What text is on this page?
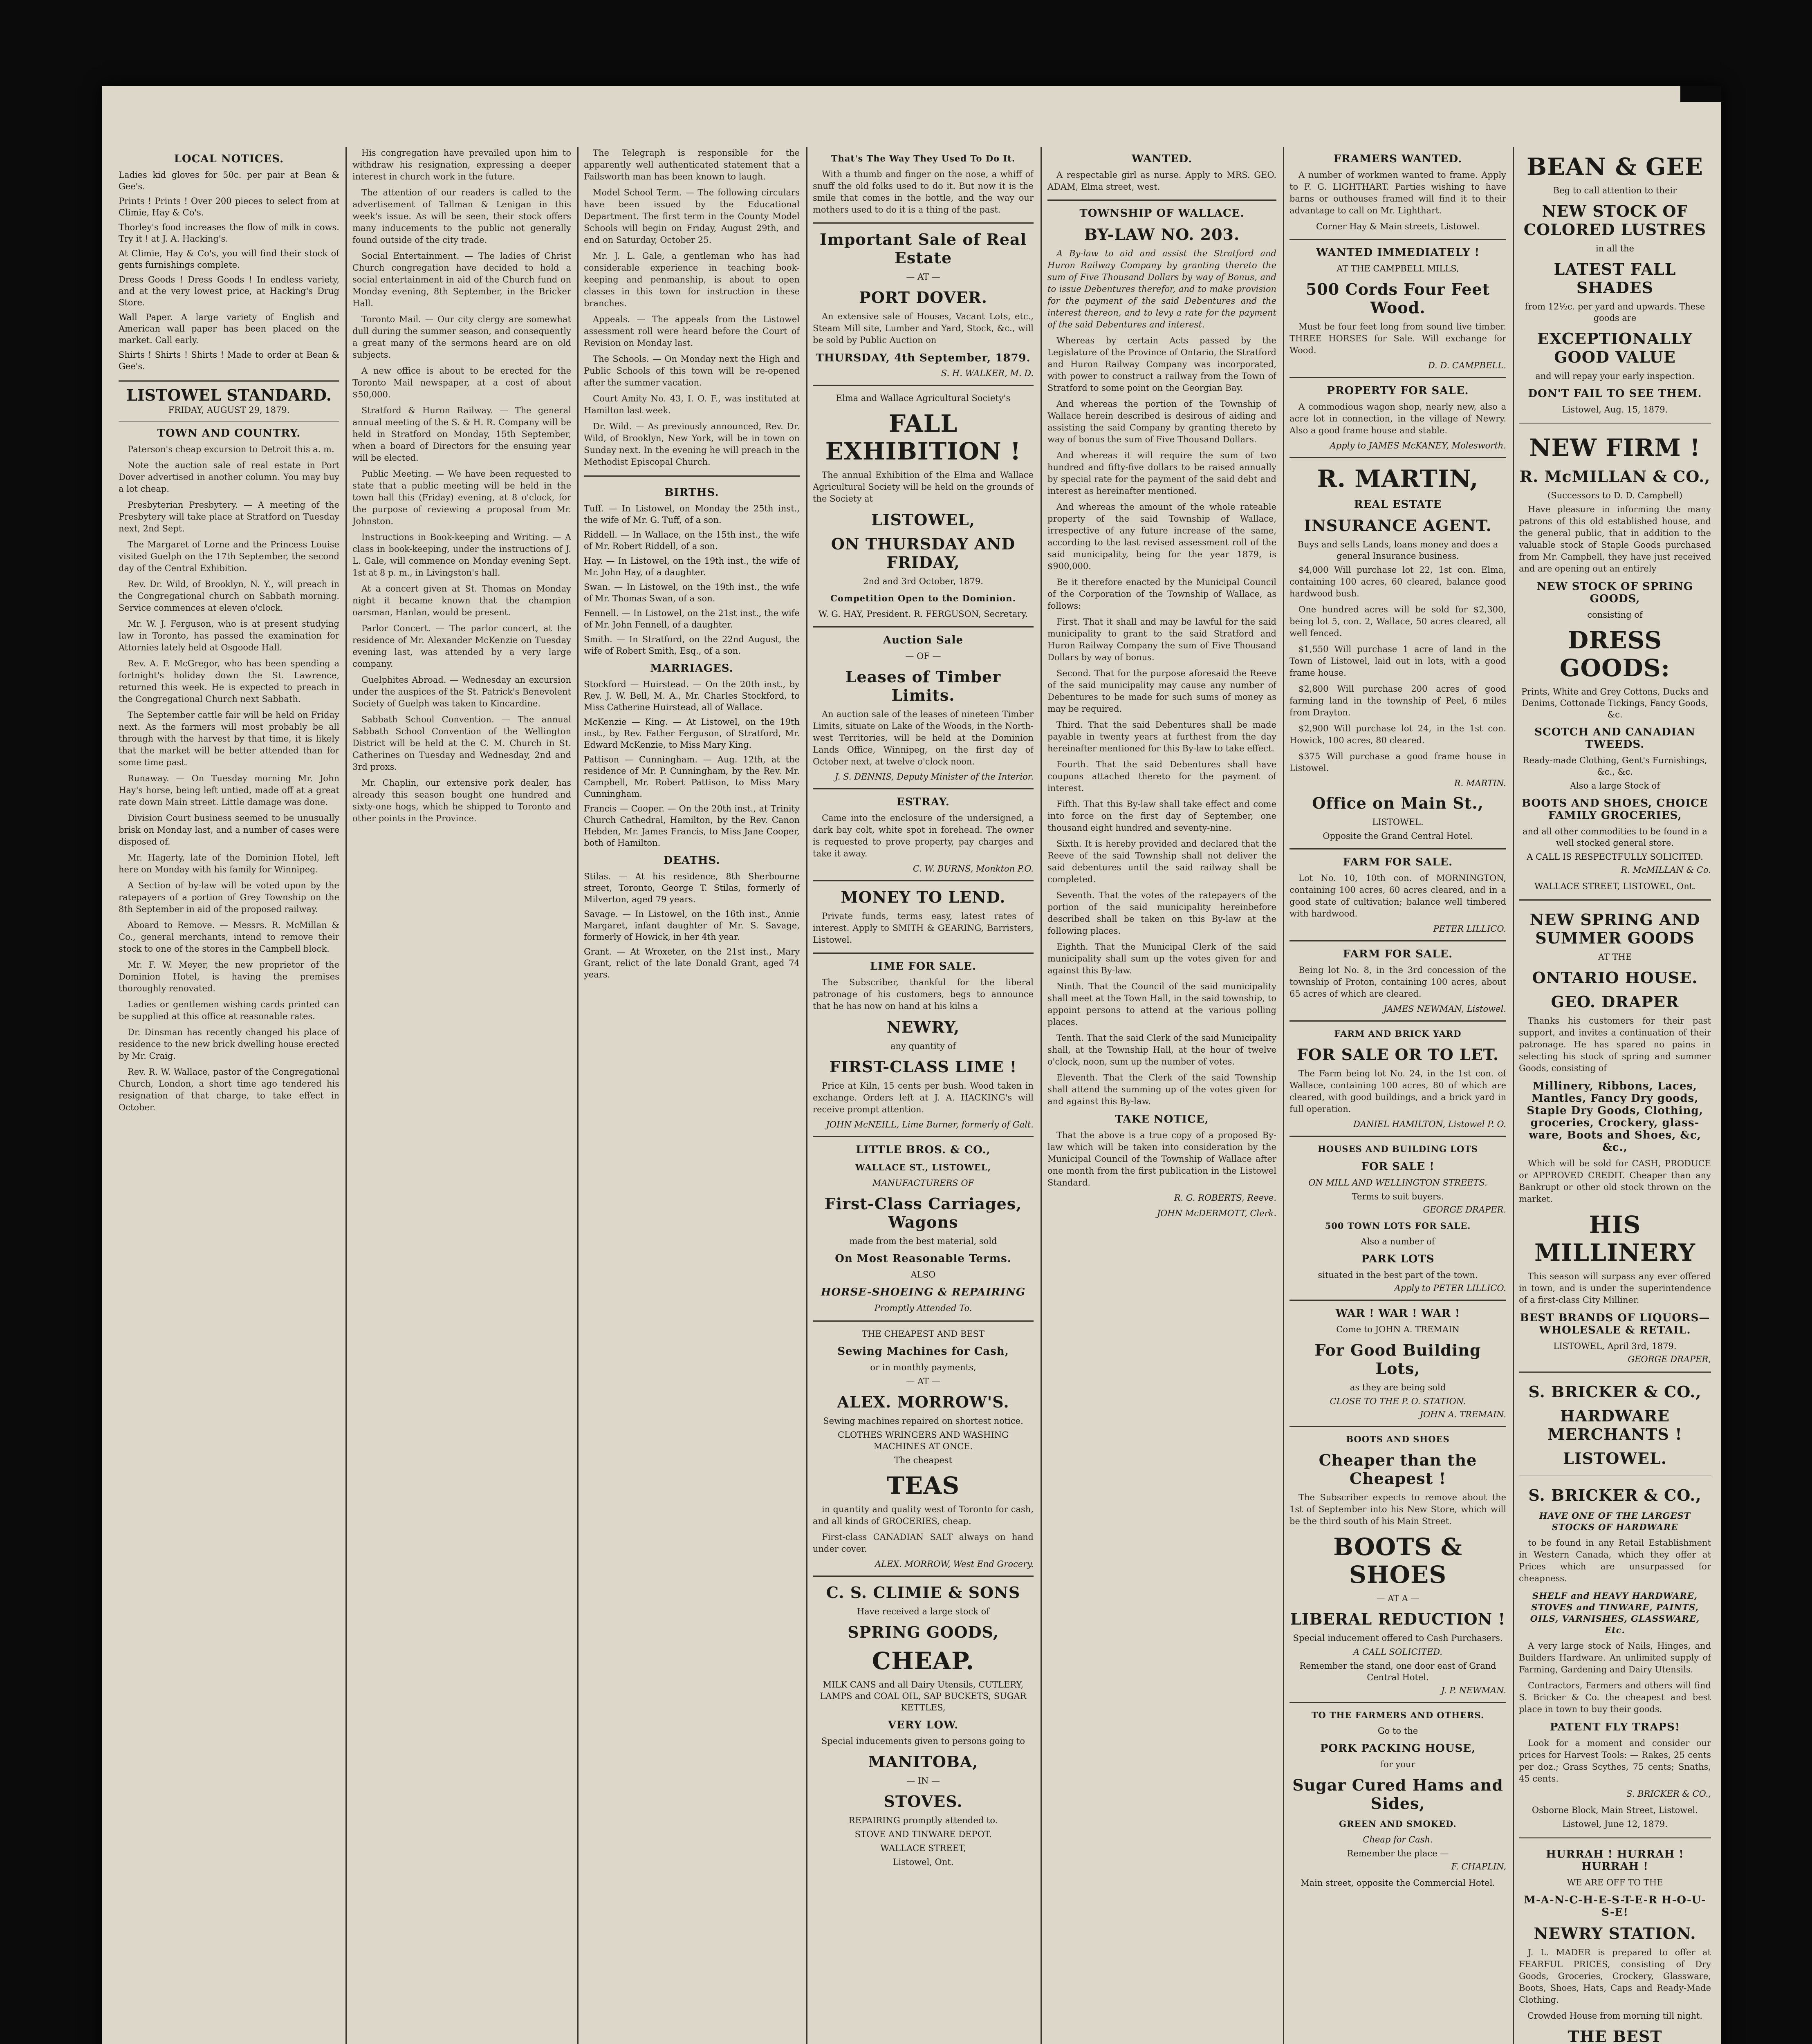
LOCAL NOTICES.

Ladies kid gloves for 50c. per pair at Bean & Gee's.

Prints ! Prints ! Over 200 pieces to select from at Climie, Hay & Co's.

Thorley's food increases the flow of milk in cows. Try it ! at J. A. Hacking's.

At Climie, Hay & Co's, you will find their stock of gents furnishings complete.

Dress Goods ! Dress Goods ! In endless variety, and at the very lowest price, at Hacking's Drug Store.

Wall Paper. A large variety of English and American wall paper has been placed on the market. Call early.

Shirts ! Shirts ! Shirts ! Made to order at Bean & Gee's.

LISTOWEL STANDARD.
FRIDAY, AUGUST 29, 1879.
TOWN AND COUNTRY.

Paterson's cheap excursion to Detroit this a. m.

Note the auction sale of real estate in Port Dover advertised in another column. You may buy a lot cheap.

Presbyterian Presbytery. — A meeting of the Presbytery will take place at Stratford on Tuesday next, 2nd Sept.

The Margaret of Lorne and the Princess Louise visited Guelph on the 17th September, the second day of the Central Exhibition.

Rev. Dr. Wild, of Brooklyn, N. Y., will preach in the Congregational church on Sabbath morning. Service commences at eleven o'clock.

Mr. W. J. Ferguson, who is at present studying law in Toronto, has passed the examination for Attornies lately held at Osgoode Hall.

Rev. A. F. McGregor, who has been spending a fortnight's holiday down the St. Lawrence, returned this week. He is expected to preach in the Congregational Church next Sabbath.

The September cattle fair will be held on Friday next. As the farmers will most probably be all through with the harvest by that time, it is likely that the market will be better attended than for some time past.

Runaway. — On Tuesday morning Mr. John Hay's horse, being left untied, made off at a great rate down Main street. Little damage was done.

Division Court business seemed to be unusually brisk on Monday last, and a number of cases were disposed of.

Mr. Hagerty, late of the Dominion Hotel, left here on Monday with his family for Winnipeg.

A Section of by-law will be voted upon by the ratepayers of a portion of Grey Township on the 8th September in aid of the proposed railway.

Aboard to Remove. — Messrs. R. McMillan & Co., general merchants, intend to remove their stock to one of the stores in the Campbell block.

Mr. F. W. Meyer, the new proprietor of the Dominion Hotel, is having the premises thoroughly renovated.

Ladies or gentlemen wishing cards printed can be supplied at this office at reasonable rates.

Dr. Dinsman has recently changed his place of residence to the new brick dwelling house erected by Mr. Craig.

Rev. R. W. Wallace, pastor of the Congregational Church, London, a short time ago tendered his resignation of that charge, to take effect in October.

His congregation have prevailed upon him to withdraw his resignation, expressing a deeper interest in church work in the future.

The attention of our readers is called to the advertisement of Tallman & Lenigan in this week's issue. As will be seen, their stock offers many inducements to the public not generally found outside of the city trade.

Social Entertainment. — The ladies of Christ Church congregation have decided to hold a social entertainment in aid of the Church fund on Monday evening, 8th September, in the Bricker Hall.

Toronto Mail. — Our city clergy are somewhat dull during the summer season, and consequently a great many of the sermons heard are on old subjects.

A new office is about to be erected for the Toronto Mail newspaper, at a cost of about $50,000.

Stratford & Huron Railway. — The general annual meeting of the S. & H. R. Company will be held in Stratford on Monday, 15th September, when a board of Directors for the ensuing year will be elected.

Public Meeting. — We have been requested to state that a public meeting will be held in the town hall this (Friday) evening, at 8 o'clock, for the purpose of reviewing a proposal from Mr. Johnston.

Instructions in Book-keeping and Writing. — A class in book-keeping, under the instructions of J. L. Gale, will commence on Monday evening Sept. 1st at 8 p. m., in Livingston's hall.

At a concert given at St. Thomas on Monday night it became known that the champion oarsman, Hanlan, would be present.

Parlor Concert. — The parlor concert, at the residence of Mr. Alexander McKenzie on Tuesday evening last, was attended by a very large company.

Guelphites Abroad. — Wednesday an excursion under the auspices of the St. Patrick's Benevolent Society of Guelph was taken to Kincardine.

Sabbath School Convention. — The annual Sabbath School Convention of the Wellington District will be held at the C. M. Church in St. Catherines on Tuesday and Wednesday, 2nd and 3rd proxs.

Mr. Chaplin, our extensive pork dealer, has already this season bought one hundred and sixty-one hogs, which he shipped to Toronto and other points in the Province.

The Telegraph is responsible for the apparently well authenticated statement that a Failsworth man has been known to laugh.

Model School Term. — The following circulars have been issued by the Educational Department. The first term in the County Model Schools will begin on Friday, August 29th, and end on Saturday, October 25.

Mr. J. L. Gale, a gentleman who has had considerable experience in teaching book-keeping and penmanship, is about to open classes in this town for instruction in these branches.

Appeals. — The appeals from the Listowel assessment roll were heard before the Court of Revision on Monday last.

The Schools. — On Monday next the High and Public Schools of this town will be re-opened after the summer vacation.

Court Amity No. 43, I. O. F., was instituted at Hamilton last week.

Dr. Wild. — As previously announced, Rev. Dr. Wild, of Brooklyn, New York, will be in town on Sunday next. In the evening he will preach in the Methodist Episcopal Church.

BIRTHS.

Tuff. — In Listowel, on Monday the 25th inst., the wife of Mr. G. Tuff, of a son.

Riddell. — In Wallace, on the 15th inst., the wife of Mr. Robert Riddell, of a son.

Hay. — In Listowel, on the 19th inst., the wife of Mr. John Hay, of a daughter.

Swan. — In Listowel, on the 19th inst., the wife of Mr. Thomas Swan, of a son.

Fennell. — In Listowel, on the 21st inst., the wife of Mr. John Fennell, of a daughter.

Smith. — In Stratford, on the 22nd August, the wife of Robert Smith, Esq., of a son.

MARRIAGES.

Stockford — Huirstead. — On the 20th inst., by Rev. J. W. Bell, M. A., Mr. Charles Stockford, to Miss Catherine Huirstead, all of Wallace.

McKenzie — King. — At Listowel, on the 19th inst., by Rev. Father Ferguson, of Stratford, Mr. Edward McKenzie, to Miss Mary King.

Pattison — Cunningham. — Aug. 12th, at the residence of Mr. P. Cunningham, by the Rev. Mr. Campbell, Mr. Robert Pattison, to Miss Mary Cunningham.

Francis — Cooper. — On the 20th inst., at Trinity Church Cathedral, Hamilton, by the Rev. Canon Hebden, Mr. James Francis, to Miss Jane Cooper, both of Hamilton.

DEATHS.

Stilas. — At his residence, 8th Sherbourne street, Toronto, George T. Stilas, formerly of Milverton, aged 79 years.

Savage. — In Listowel, on the 16th inst., Annie Margaret, infant daughter of Mr. S. Savage, formerly of Howick, in her 4th year.

Grant. — At Wroxeter, on the 21st inst., Mary Grant, relict of the late Donald Grant, aged 74 years.

That's The Way They Used To Do It.

With a thumb and finger on the nose, a whiff of snuff the old folks used to do it. But now it is the smile that comes in the bottle, and the way our mothers used to do it is a thing of the past.

Important Sale of Real Estate
— AT —
PORT DOVER.

An extensive sale of Houses, Vacant Lots, etc., Steam Mill site, Lumber and Yard, Stock, &c., will be sold by Public Auction on

THURSDAY, 4th September, 1879.
S. H. WALKER, M. D.
Elma and Wallace Agricultural Society's
FALL EXHIBITION !

The annual Exhibition of the Elma and Wallace Agricultural Society will be held on the grounds of the Society at

LISTOWEL,
ON THURSDAY AND FRIDAY,
2nd and 3rd October, 1879.
Competition Open to the Dominion.
W. G. HAY, President. R. FERGUSON, Secretary.
Auction Sale
— OF —
Leases of Timber Limits.

An auction sale of the leases of nineteen Timber Limits, situate on Lake of the Woods, in the North-west Territories, will be held at the Dominion Lands Office, Winnipeg, on the first day of October next, at twelve o'clock noon.

J. S. DENNIS, Deputy Minister of the Interior.
ESTRAY.

Came into the enclosure of the undersigned, a dark bay colt, white spot in forehead. The owner is requested to prove property, pay charges and take it away.

C. W. BURNS, Monkton P.O.
MONEY TO LEND.

Private funds, terms easy, latest rates of interest. Apply to SMITH & GEARING, Barristers, Listowel.

LIME FOR SALE.

The Subscriber, thankful for the liberal patronage of his customers, begs to announce that he has now on hand at his kilns a

NEWRY,
any quantity of
FIRST-CLASS LIME !

Price at Kiln, 15 cents per bush. Wood taken in exchange. Orders left at J. A. HACKING's will receive prompt attention.

JOHN McNEILL, Lime Burner, formerly of Galt.
LITTLE BROS. & CO.,
WALLACE ST., LISTOWEL,
MANUFACTURERS OF
First-Class Carriages, Wagons
made from the best material, sold
On Most Reasonable Terms.
ALSO
HORSE-SHOEING & REPAIRING
Promptly Attended To.
THE CHEAPEST AND BEST
Sewing Machines for Cash,
or in monthly payments,
— AT —
ALEX. MORROW'S.
Sewing machines repaired on shortest notice.
CLOTHES WRINGERS AND WASHING MACHINES AT ONCE.
The cheapest
TEAS

in quantity and quality west of Toronto for cash, and all kinds of GROCERIES, cheap.

First-class CANADIAN SALT always on hand under cover.

ALEX. MORROW, West End Grocery.
C. S. CLIMIE & SONS
Have received a large stock of
SPRING GOODS,
CHEAP.
MILK CANS and all Dairy Utensils, CUTLERY, LAMPS and COAL OIL, SAP BUCKETS, SUGAR KETTLES,
VERY LOW.
Special inducements given to persons going to
MANITOBA,
— IN —
STOVES.
REPAIRING promptly attended to.
STOVE AND TINWARE DEPOT.
WALLACE STREET,
Listowel, Ont.
WANTED.

A respectable girl as nurse. Apply to MRS. GEO. ADAM, Elma street, west.

TOWNSHIP OF WALLACE.
BY-LAW NO. 203.

A By-law to aid and assist the Stratford and Huron Railway Company by granting thereto the sum of Five Thousand Dollars by way of Bonus, and to issue Debentures therefor, and to make provision for the payment of the said Debentures and the interest thereon, and to levy a rate for the payment of the said Debentures and interest.

Whereas by certain Acts passed by the Legislature of the Province of Ontario, the Stratford and Huron Railway Company was incorporated, with power to construct a railway from the Town of Stratford to some point on the Georgian Bay.

And whereas the portion of the Township of Wallace herein described is desirous of aiding and assisting the said Company by granting thereto by way of bonus the sum of Five Thousand Dollars.

And whereas it will require the sum of two hundred and fifty-five dollars to be raised annually by special rate for the payment of the said debt and interest as hereinafter mentioned.

And whereas the amount of the whole rateable property of the said Township of Wallace, irrespective of any future increase of the same, according to the last revised assessment roll of the said municipality, being for the year 1879, is $900,000.

Be it therefore enacted by the Municipal Council of the Corporation of the Township of Wallace, as follows:

First. That it shall and may be lawful for the said municipality to grant to the said Stratford and Huron Railway Company the sum of Five Thousand Dollars by way of bonus.

Second. That for the purpose aforesaid the Reeve of the said municipality may cause any number of Debentures to be made for such sums of money as may be required.

Third. That the said Debentures shall be made payable in twenty years at furthest from the day hereinafter mentioned for this By-law to take effect.

Fourth. That the said Debentures shall have coupons attached thereto for the payment of interest.

Fifth. That this By-law shall take effect and come into force on the first day of September, one thousand eight hundred and seventy-nine.

Sixth. It is hereby provided and declared that the Reeve of the said Township shall not deliver the said debentures until the said railway shall be completed.

Seventh. That the votes of the ratepayers of the portion of the said municipality hereinbefore described shall be taken on this By-law at the following places.

Eighth. That the Municipal Clerk of the said municipality shall sum up the votes given for and against this By-law.

Ninth. That the Council of the said municipality shall meet at the Town Hall, in the said township, to appoint persons to attend at the various polling places.

Tenth. That the said Clerk of the said Municipality shall, at the Township Hall, at the hour of twelve o'clock, noon, sum up the number of votes.

Eleventh. That the Clerk of the said Township shall attend the summing up of the votes given for and against this By-law.

TAKE NOTICE,

That the above is a true copy of a proposed By-law which will be taken into consideration by the Municipal Council of the Township of Wallace after one month from the first publication in the Listowel Standard.

R. G. ROBERTS, Reeve.
JOHN McDERMOTT, Clerk.
FRAMERS WANTED.

A number of workmen wanted to frame. Apply to F. G. LIGHTHART. Parties wishing to have barns or outhouses framed will find it to their advantage to call on Mr. Lighthart.

Corner Hay & Main streets, Listowel.
WANTED IMMEDIATELY !
AT THE CAMPBELL MILLS,
500 Cords Four Feet Wood.

Must be four feet long from sound live timber. THREE HORSES for Sale. Will exchange for Wood.

D. D. CAMPBELL.
PROPERTY FOR SALE.

A commodious wagon shop, nearly new, also a acre lot in connection, in the village of Newry. Also a good frame house and stable.

Apply to JAMES McKANEY, Molesworth.
R. MARTIN,
REAL ESTATE
INSURANCE AGENT.
Buys and sells Lands, loans money and does a general Insurance business.

$4,000 Will purchase lot 22, 1st con. Elma, containing 100 acres, 60 cleared, balance good hardwood bush.

One hundred acres will be sold for $2,300, being lot 5, con. 2, Wallace, 50 acres cleared, all well fenced.

$1,550 Will purchase 1 acre of land in the Town of Listowel, laid out in lots, with a good frame house.

$2,800 Will purchase 200 acres of good farming land in the township of Peel, 6 miles from Drayton.

$2,900 Will purchase lot 24, in the 1st con. Howick, 100 acres, 80 cleared.

$375 Will purchase a good frame house in Listowel.

R. MARTIN.
Office on Main St.,
LISTOWEL.
Opposite the Grand Central Hotel.
FARM FOR SALE.

Lot No. 10, 10th con. of MORNINGTON, containing 100 acres, 60 acres cleared, and in a good state of cultivation; balance well timbered with hardwood.

PETER LILLICO.
FARM FOR SALE.

Being lot No. 8, in the 3rd concession of the township of Proton, containing 100 acres, about 65 acres of which are cleared.

JAMES NEWMAN, Listowel.
FARM AND BRICK YARD
FOR SALE OR TO LET.

The Farm being lot No. 24, in the 1st con. of Wallace, containing 100 acres, 80 of which are cleared, with good buildings, and a brick yard in full operation.

DANIEL HAMILTON, Listowel P. O.
HOUSES AND BUILDING LOTS
FOR SALE !
ON MILL AND WELLINGTON STREETS.
Terms to suit buyers.
GEORGE DRAPER.
500 TOWN LOTS FOR SALE.
Also a number of
PARK LOTS
situated in the best part of the town.
Apply to PETER LILLICO.
WAR ! WAR ! WAR !
Come to JOHN A. TREMAIN
For Good Building Lots,
as they are being sold
CLOSE TO THE P. O. STATION.
JOHN A. TREMAIN.
BOOTS AND SHOES
Cheaper than the Cheapest !

The Subscriber expects to remove about the 1st of September into his New Store, which will be the third south of his Main Street.

BOOTS & SHOES
— AT A —
LIBERAL REDUCTION !
Special inducement offered to Cash Purchasers.
A CALL SOLICITED.
Remember the stand, one door east of Grand Central Hotel.
J. P. NEWMAN.
TO THE FARMERS AND OTHERS.
Go to the
PORK PACKING HOUSE,
for your
Sugar Cured Hams and Sides,
GREEN AND SMOKED.
Cheap for Cash.
Remember the place —
F. CHAPLIN,
Main street, opposite the Commercial Hotel.
BEAN & GEE
Beg to call attention to their
NEW STOCK OF COLORED LUSTRES
in all the
LATEST FALL SHADES
from 12½c. per yard and upwards. These goods are
EXCEPTIONALLY GOOD VALUE
and will repay your early inspection.
DON'T FAIL TO SEE THEM.
Listowel, Aug. 15, 1879.
NEW FIRM !
R. McMILLAN & CO.,
(Successors to D. D. Campbell)

Have pleasure in informing the many patrons of this old established house, and the general public, that in addition to the valuable stock of Staple Goods purchased from Mr. Campbell, they have just received and are opening out an entirely

NEW STOCK OF SPRING GOODS,
consisting of
DRESS GOODS:
Prints, White and Grey Cottons, Ducks and Denims, Cottonade Tickings, Fancy Goods, &c.
SCOTCH AND CANADIAN TWEEDS.
Ready-made Clothing, Gent's Furnishings, &c., &c.
Also a large Stock of
BOOTS AND SHOES, CHOICE FAMILY GROCERIES,
and all other commodities to be found in a well stocked general store.
A CALL IS RESPECTFULLY SOLICITED.
R. McMILLAN & Co.
WALLACE STREET, LISTOWEL, Ont.
NEW SPRING AND SUMMER GOODS
AT THE
ONTARIO HOUSE.
GEO. DRAPER

Thanks his customers for their past support, and invites a continuation of their patronage. He has spared no pains in selecting his stock of spring and summer Goods, consisting of

Millinery, Ribbons, Laces, Mantles, Fancy Dry goods, Staple Dry Goods, Clothing, groceries, Crockery, glass-ware, Boots and Shoes, &c, &c.,

Which will be sold for CASH, PRODUCE or APPROVED CREDIT. Cheaper than any Bankrupt or other old stock thrown on the market.

HIS MILLINERY

This season will surpass any ever offered in town, and is under the superintendence of a first-class City Milliner.

BEST BRANDS OF LIQUORS—WHOLESALE & RETAIL.
LISTOWEL, April 3rd, 1879.
GEORGE DRAPER,
S. BRICKER & CO.,
HARDWARE MERCHANTS !
LISTOWEL.
S. BRICKER & CO.,
HAVE ONE OF THE LARGEST STOCKS OF HARDWARE

to be found in any Retail Establishment in Western Canada, which they offer at Prices which are unsurpassed for cheapness.

SHELF and HEAVY HARDWARE, STOVES and TINWARE, PAINTS, OILS, VARNISHES, GLASSWARE, Etc.

A very large stock of Nails, Hinges, and Builders Hardware. An unlimited supply of Farming, Gardening and Dairy Utensils.

Contractors, Farmers and others will find S. Bricker & Co. the cheapest and best place in town to buy their goods.

PATENT FLY TRAPS!

Look for a moment and consider our prices for Harvest Tools: — Rakes, 25 cents per doz.; Grass Scythes, 75 cents; Snaths, 45 cents.

S. BRICKER & CO.,
Osborne Block, Main Street, Listowel.
Listowel, June 12, 1879.
HURRAH ! HURRAH ! HURRAH !
WE ARE OFF TO THE
M-A-N-C-H-E-S-T-E-R H-O-U-S-E!
NEWRY STATION.

J. L. MADER is prepared to offer at FEARFUL PRICES, consisting of Dry Goods, Groceries, Crockery, Glassware, Boots, Shoes, Hats, Caps and Ready-Made Clothing.

Crowded House from morning till night.
THE BEST
